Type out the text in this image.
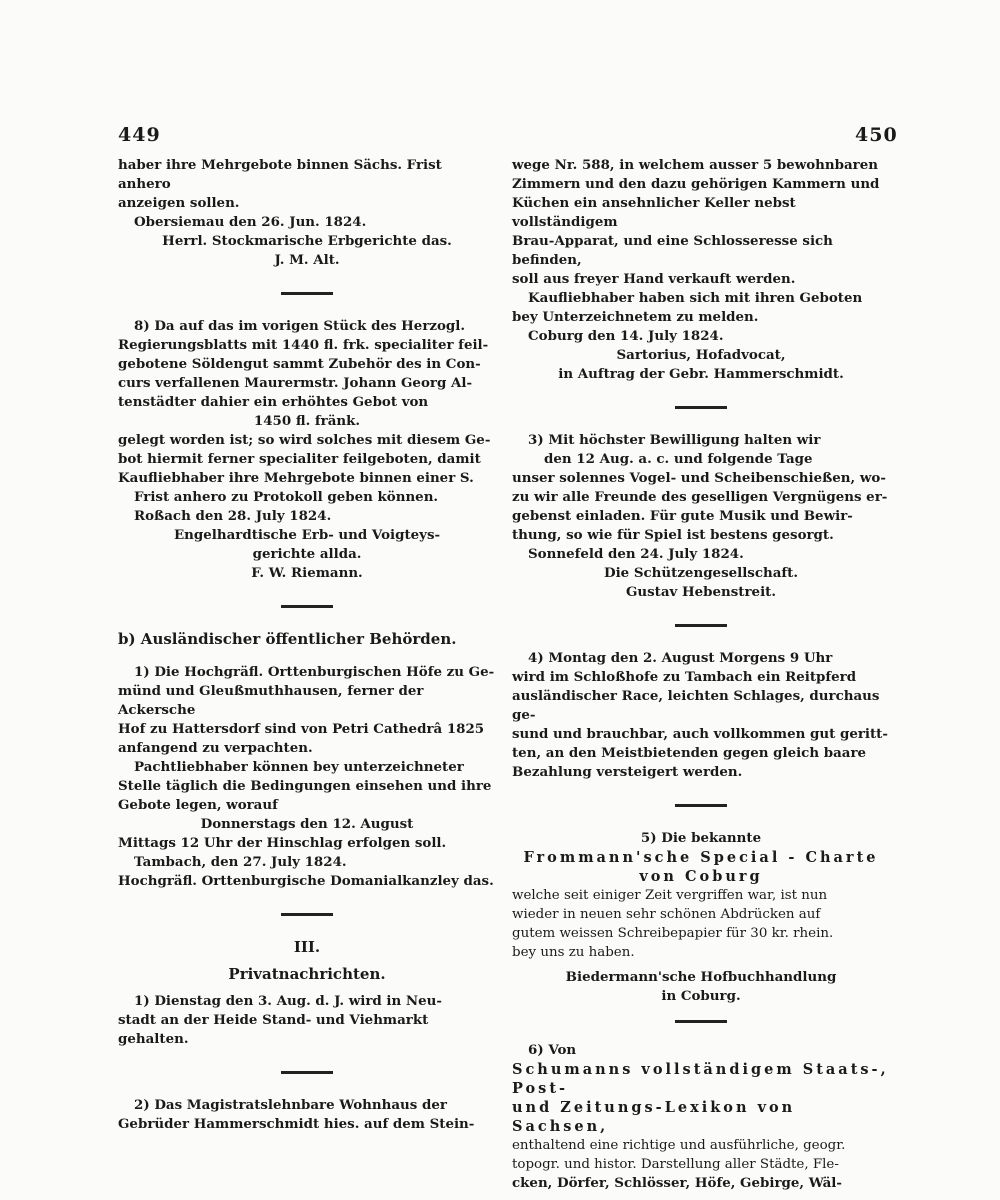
449	450

haber ihre Mehrgebote binnen Sächs. Frist anhero

anzeigen sollen.

Obersiemau den 26. Jun. 1824.

Herrl. Stockmarische Erbgerichte das.

J. M. Alt.

8) Da auf das im vorigen Stück des Herzogl.

Regierungsblatts mit 1440 fl. frk. specialiter feil-

gebotene Söldengut sammt Zubehör des in Con-

curs verfallenen Maurermstr. Johann Georg Al-

tenstädter dahier ein erhöhtes Gebot von

1450 fl. fränk.

gelegt worden ist; so wird solches mit diesem Ge-

bot hiermit ferner specialiter feilgeboten, damit

Kaufliebhaber ihre Mehrgebote binnen einer S.

Frist anhero zu Protokoll geben können.

Roßach den 28. July 1824.

Engelhardtische Erb- und Voigteys-

gerichte allda.

F. W. Riemann.

b) Ausländischer öffentlicher Behörden.

1) Die Hochgräfl. Orttenburgischen Höfe zu Ge-

münd und Gleußmuthhausen, ferner der Ackersche

Hof zu Hattersdorf sind von Petri Cathedrâ 1825

anfangend zu verpachten.

Pachtliebhaber können bey unterzeichneter

Stelle täglich die Bedingungen einsehen und ihre

Gebote legen, worauf

Donnerstags den 12. August

Mittags 12 Uhr der Hinschlag erfolgen soll.

Tambach, den 27. July 1824.

Hochgräfl. Orttenburgische Domanialkanzley das.

III.
Privatnachrichten.

1) Dienstag den 3. Aug. d. J. wird in Neu-

stadt an der Heide Stand- und Viehmarkt gehalten.

2) Das Magistratslehnbare Wohnhaus der

Gebrüder Hammerschmidt hies. auf dem Stein-

wege Nr. 588, in welchem ausser 5 bewohnbaren

Zimmern und den dazu gehörigen Kammern und

Küchen ein ansehnlicher Keller nebst vollständigem

Brau-Apparat, und eine Schlosseresse sich befinden,

soll aus freyer Hand verkauft werden.

Kaufliebhaber haben sich mit ihren Geboten

bey Unterzeichnetem zu melden.

Coburg den 14. July 1824.

Sartorius, Hofadvocat,

in Auftrag der Gebr. Hammerschmidt.

3) Mit höchster Bewilligung halten wir

den 12 Aug. a. c. und folgende Tage

unser solennes Vogel- und Scheibenschießen, wo-

zu wir alle Freunde des geselligen Vergnügens er-

gebenst einladen. Für gute Musik und Bewir-

thung, so wie für Spiel ist bestens gesorgt.

Sonnefeld den 24. July 1824.

Die Schützengesellschaft.

Gustav Hebenstreit.

4) Montag den 2. August Morgens 9 Uhr

wird im Schloßhofe zu Tambach ein Reitpferd

ausländischer Race, leichten Schlages, durchaus ge-

sund und brauchbar, auch vollkommen gut geritt-

ten, an den Meistbietenden gegen gleich baare

Bezahlung versteigert werden.

5) Die bekannte

Frommann'sche Special - Charte

von Coburg

welche seit einiger Zeit vergriffen war, ist nun

wieder in neuen sehr schönen Abdrücken auf

gutem weissen Schreibepapier für 30 kr. rhein.

bey uns zu haben.

Biedermann'sche Hofbuchhandlung

in Coburg.

6) Von

Schumanns vollständigem Staats-, Post-

und Zeitungs-Lexikon von Sachsen,

enthaltend eine richtige und ausführliche, geogr.

topogr. und histor. Darstellung aller Städte, Fle-

cken, Dörfer, Schlösser, Höfe, Gebirge, Wäl-
